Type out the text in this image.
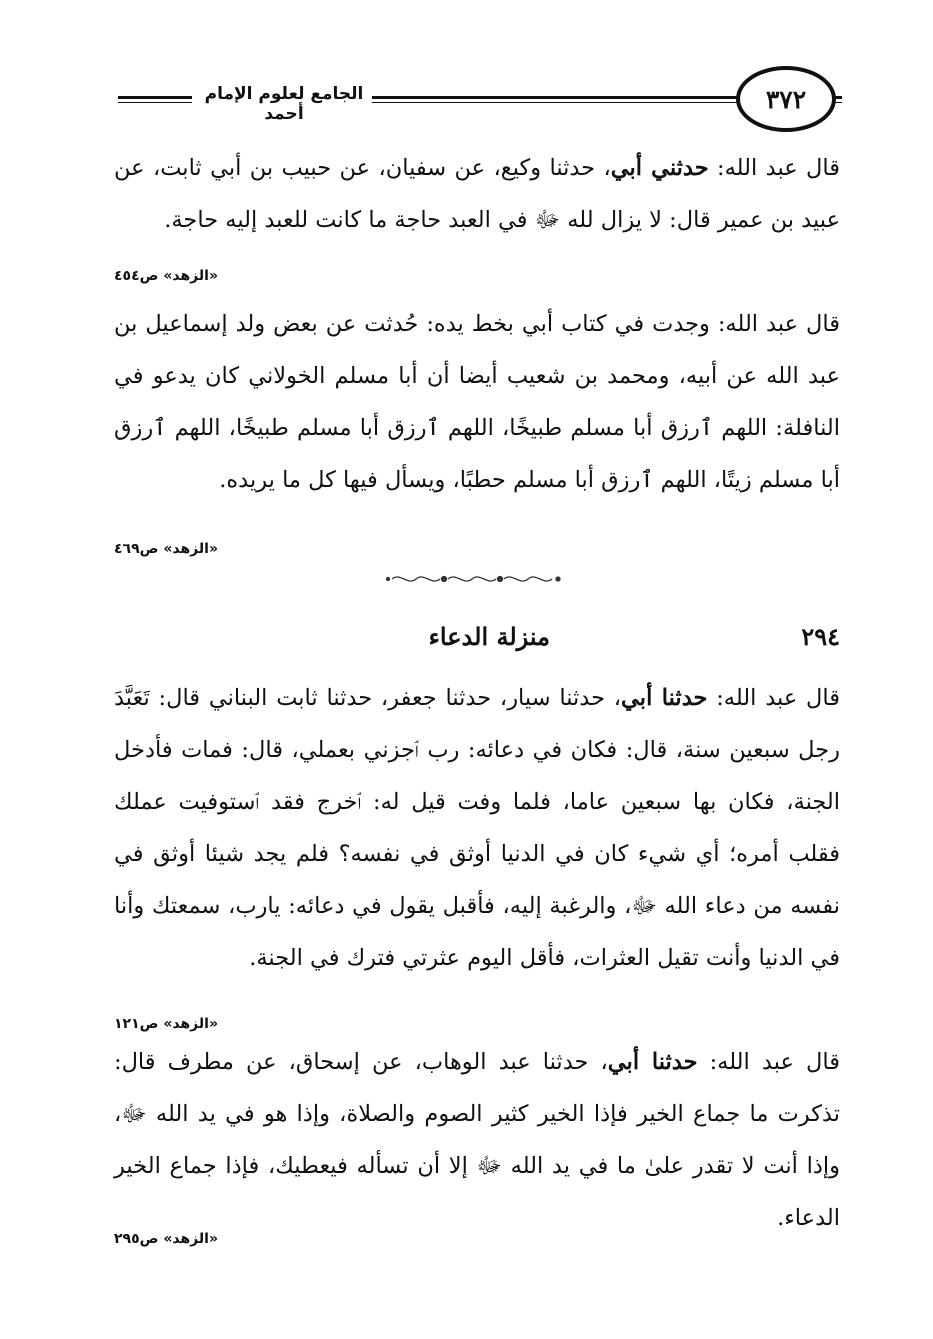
الجامع لعلوم الإمام أحمد
٣٧٢

قال عبد الله: حدثني أبي، حدثنا وكيع، عن سفيان، عن حبيب بن أبي ثابت، عن عبيد بن عمير قال: لا يزال لله ﷻ في العبد حاجة ما كانت للعبد إليه حاجة.

«الزهد» ص٤٥٤

قال عبد الله: وجدت في كتاب أبي بخط يده: حُدثت عن بعض ولد إسماعيل بن عبد الله عن أبيه، ومحمد بن شعيب أيضا أن أبا مسلم الخولاني كان يدعو في النافلة: اللهم ٱرزق أبا مسلم طبيخًا، اللهم ٱرزق أبا مسلم طبيخًا، اللهم ٱرزق أبا مسلم زيتًا، اللهم ٱرزق أبا مسلم حطبًا، ويسأل فيها كل ما يريده.

«الزهد» ص٤٦٩
٢٩٤
منزلة الدعاء

قال عبد الله: حدثنا أبي، حدثنا سيار، حدثنا جعفر، حدثنا ثابت البناني قال: تَعَبَّدَ رجل سبعين سنة، قال: فكان في دعائه: رب ٱجزني بعملي، قال: فمات فأدخل الجنة، فكان بها سبعين عاما، فلما وفت قيل له: ٱخرج فقد ٱستوفيت عملك فقلب أمره؛ أي شيء كان في الدنيا أوثق في نفسه؟ فلم يجد شيئا أوثق في نفسه من دعاء الله ﷻ، والرغبة إليه، فأقبل يقول في دعائه: يارب، سمعتك وأنا في الدنيا وأنت تقيل العثرات، فأقل اليوم عثرتي فترك في الجنة.

«الزهد» ص١٢١

قال عبد الله: حدثنا أبي، حدثنا عبد الوهاب، عن إسحاق، عن مطرف قال: تذكرت ما جماع الخير فإذا الخير كثير الصوم والصلاة، وإذا هو في يد الله ﷻ، وإذا أنت لا تقدر علىٰ ما في يد الله ﷻ إلا أن تسأله فيعطيك، فإذا جماع الخير الدعاء.

«الزهد» ص٢٩٥
